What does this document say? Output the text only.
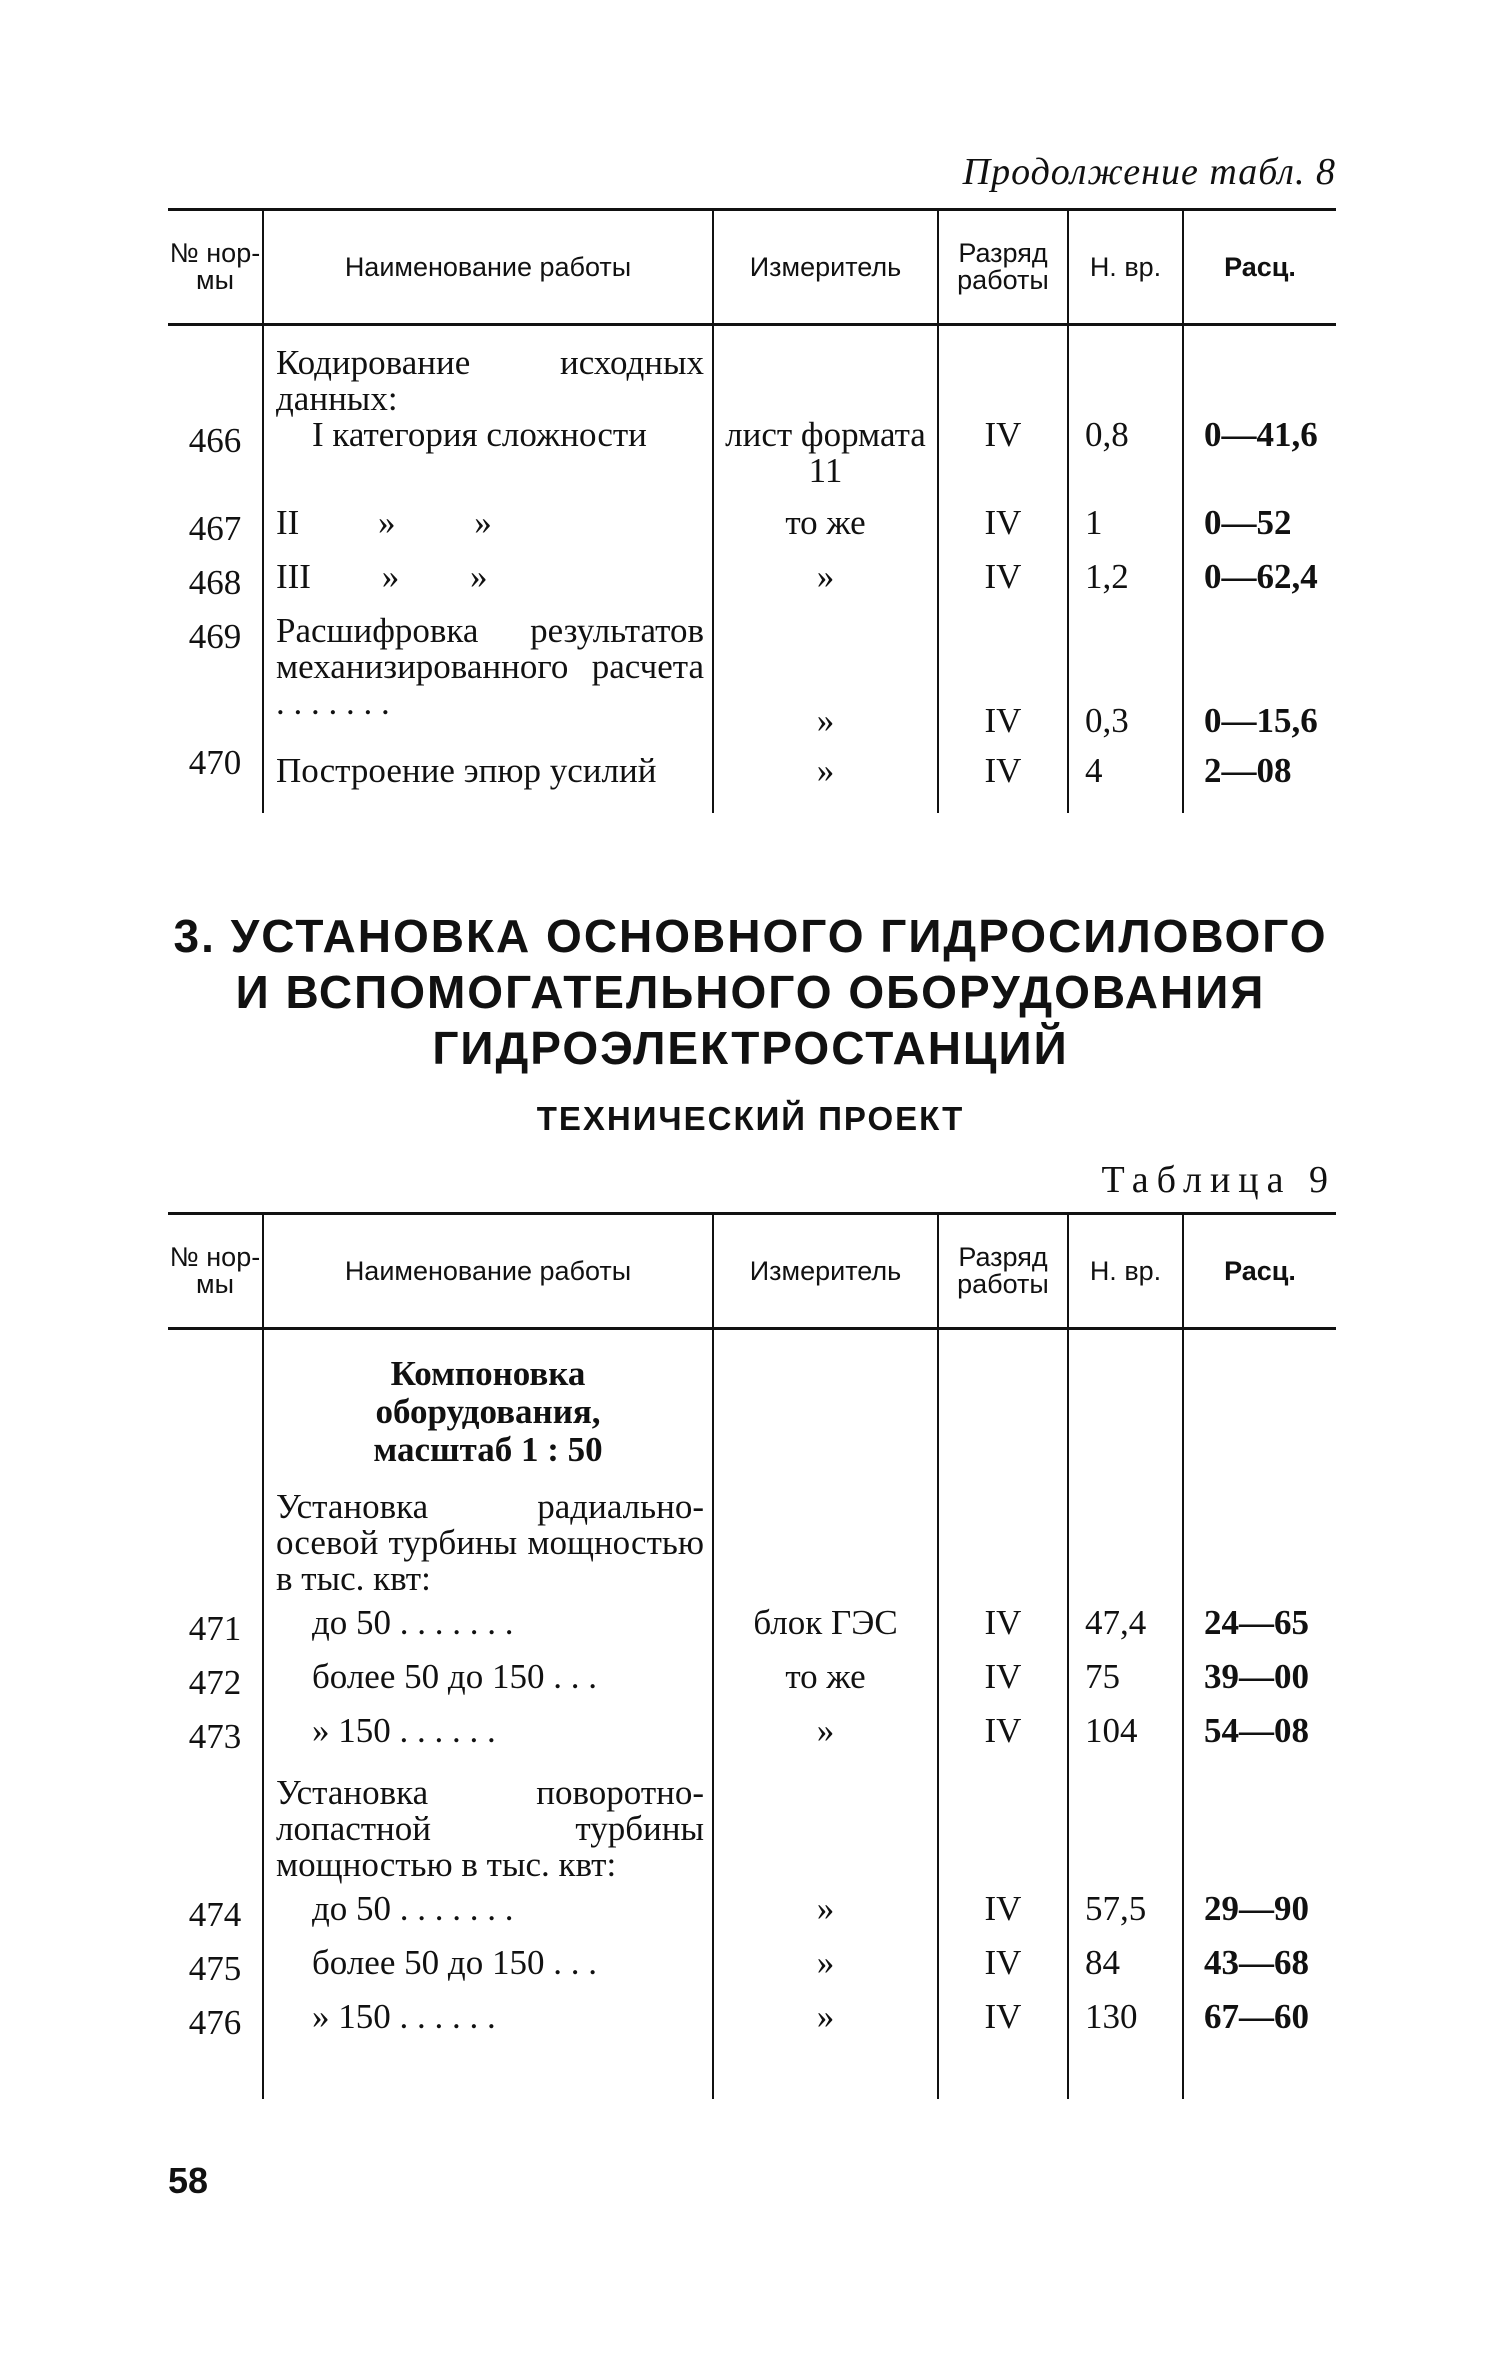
Продолжение табл. 8
№ нор- мы	Наименование работы	Измеритель	Разряд работы	Н. вр.	Расц.

	Кодирование исходных данных:				
466	I категория сложности	лист формата 11	IV	0,8	0—41,6
467	II » »	то же	IV	1	0—52
468	III » »	»	IV	1,2	0—62,4
469	Расшифровка результатов механизированного расчета . . . . . . .	»	IV	0,3	0—15,6
470	Построение эпюр усилий	»	IV	4	2—08
3. УСТАНОВКА ОСНОВНОГО ГИДРОСИЛОВОГО
И ВСПОМОГАТЕЛЬНОГО ОБОРУДОВАНИЯ
ГИДРОЭЛЕКТРОСТАНЦИЙ
ТЕХНИЧЕСКИЙ ПРОЕКТ
Таблица 9
№ нор- мы	Наименование работы	Измеритель	Разряд работы	Н. вр.	Расц.

	Компоновка оборудования, масштаб 1 : 50				
	Установка радиально-осевой турбины мощностью в тыс. квт:				
471	до 50 . . . . . . .	блок ГЭС	IV	47,4	24—65
472	более 50 до 150 . . .	то же	IV	75	39—00
473	» 150 . . . . . .	»	IV	104	54—08
	Установка поворотно-лопастной турбины мощностью в тыс. квт:				
474	до 50 . . . . . . .	»	IV	57,5	29—90
475	более 50 до 150 . . .	»	IV	84	43—68
476	» 150 . . . . . .	»	IV	130	67—60
58
